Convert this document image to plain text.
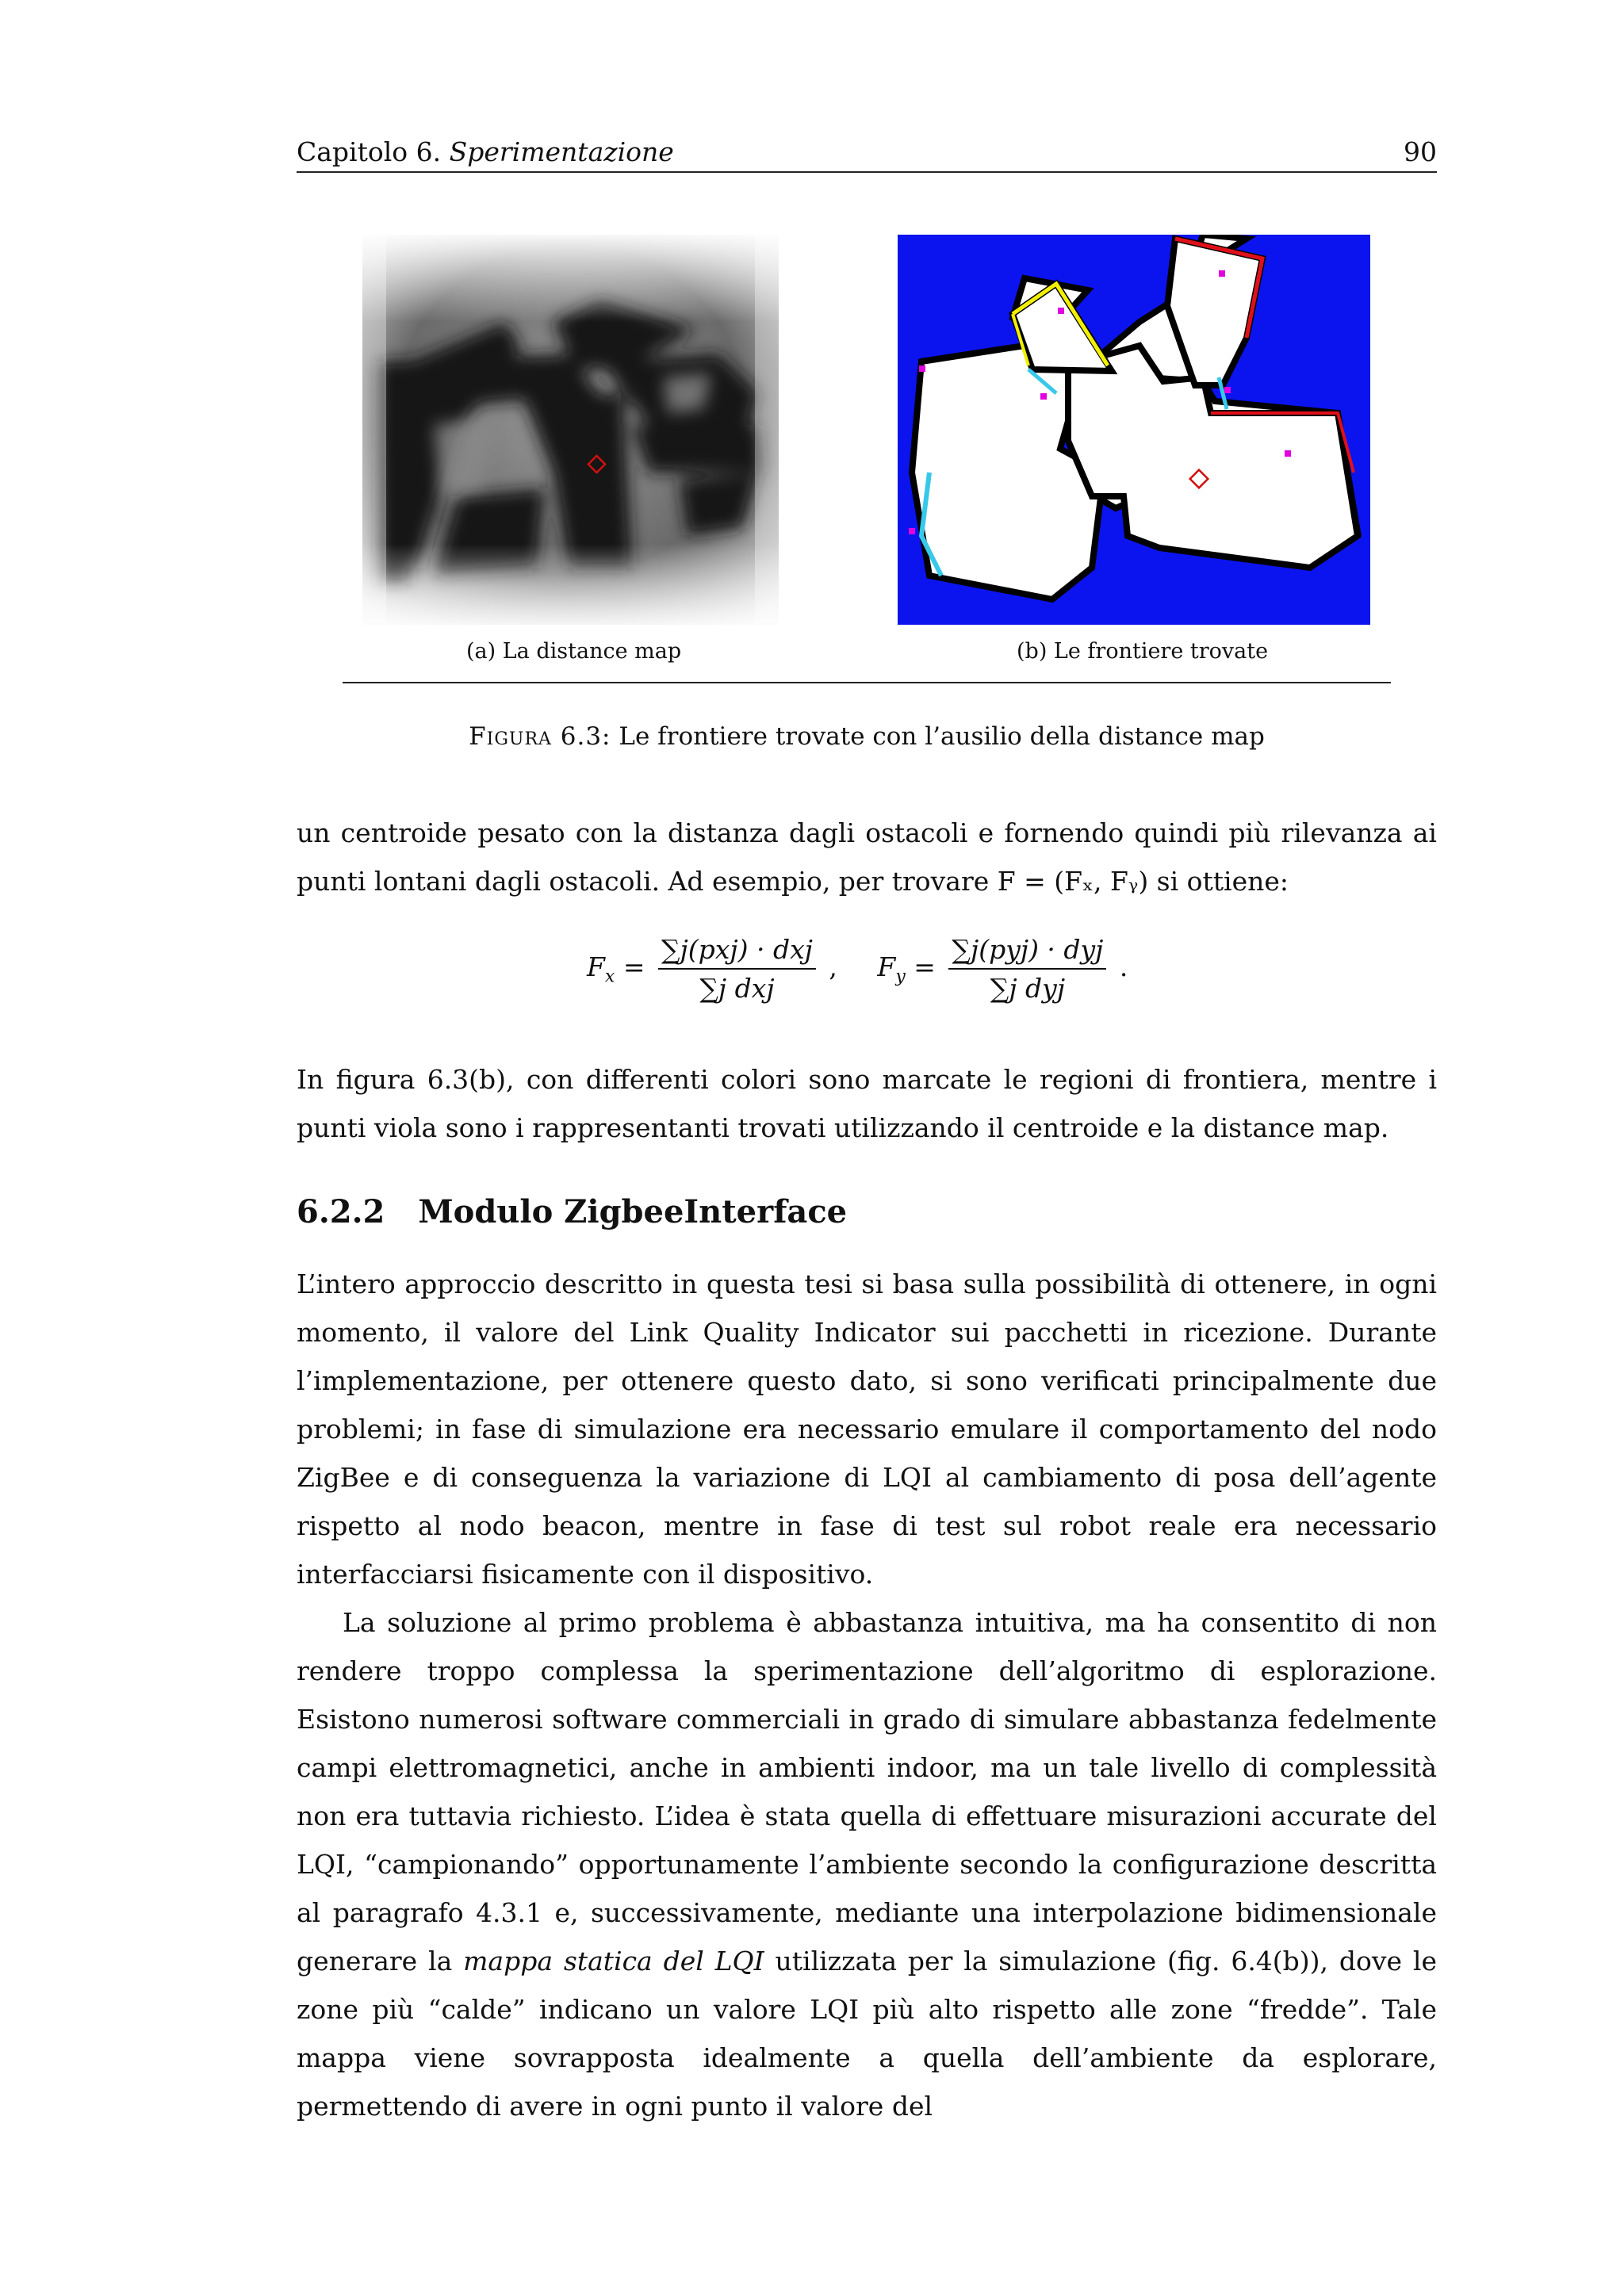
Capitolo 6. Sperimentazione	90
(a) La distance map	(b) Le frontiere trovate
Figura 6.3: Le frontiere trovate con l’ausilio della distance map

un centroide pesato con la distanza dagli ostacoli e fornendo quindi più rilevanza ai punti lontani dagli ostacoli. Ad esempio, per trovare F = (Fₓ, Fᵧ) si ottiene:

$F_x = \frac{\text{∑j(pxj) · dxj}}{\text{∑j dxj}}$ , $F_y = \frac{\text{∑j(pyj) · dyj}}{\text{∑j dyj}}$ .

In figura 6.3(b), con differenti colori sono marcate le regioni di frontiera, mentre i punti viola sono i rappresentanti trovati utilizzando il centroide e la distance map.

6.2.2 Modulo ZigbeeInterface

L’intero approccio descritto in questa tesi si basa sulla possibilità di ottenere, in ogni momento, il valore del Link Quality Indicator sui pacchetti in ricezione. Durante l’implementazione, per ottenere questo dato, si sono verificati principalmente due problemi; in fase di simulazione era necessario emulare il comportamento del nodo ZigBee e di conseguenza la variazione di LQI al cambiamento di posa dell’agente rispetto al nodo beacon, mentre in fase di test sul robot reale era necessario interfacciarsi fisicamente con il dispositivo.

La soluzione al primo problema è abbastanza intuitiva, ma ha consentito di non rendere troppo complessa la sperimentazione dell’algoritmo di esplorazione. Esistono numerosi software commerciali in grado di simulare abbastanza fedelmente campi elettromagnetici, anche in ambienti indoor, ma un tale livello di complessità non era tuttavia richiesto. L’idea è stata quella di effettuare misurazioni accurate del LQI, “campionando” opportunamente l’ambiente secondo la configurazione descritta al paragrafo 4.3.1 e, successivamente, mediante una interpolazione bidimensionale generare la mappa statica del LQI utilizzata per la simulazione (fig. 6.4(b)), dove le zone più “calde” indicano un valore LQI più alto rispetto alle zone “fredde”. Tale mappa viene sovrapposta idealmente a quella dell’ambiente da esplorare, permettendo di avere in ogni punto il valore del
